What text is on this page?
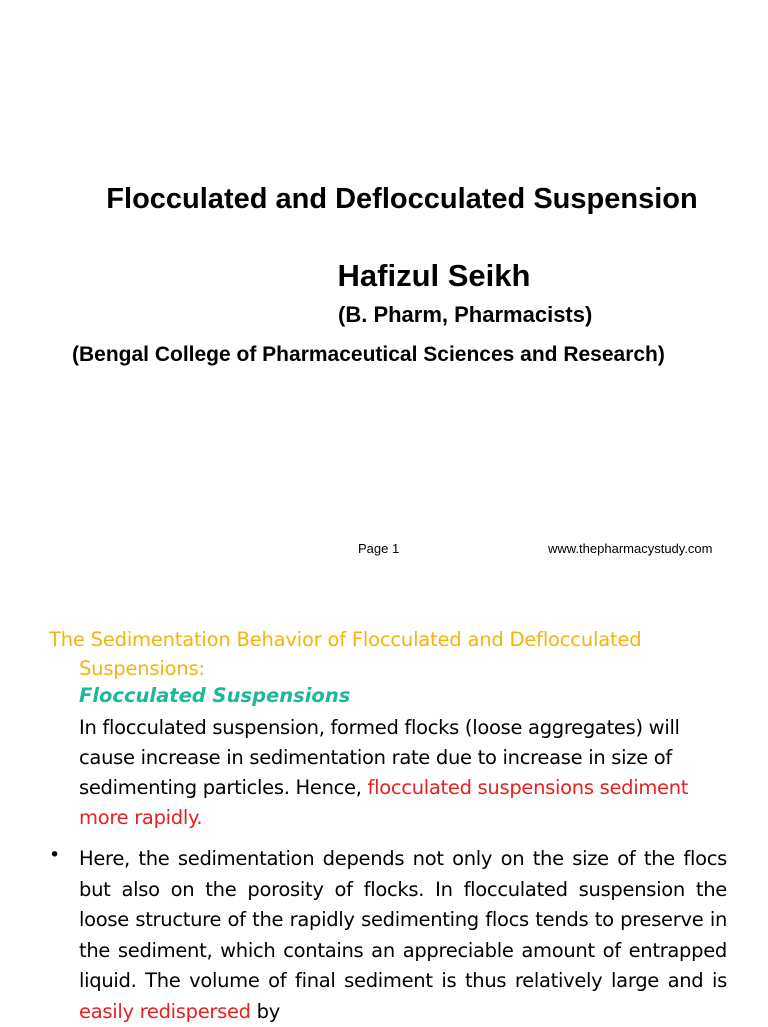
Flocculated and Deflocculated Suspension
Hafizul Seikh
(B. Pharm, Pharmacists)
(Bengal College of Pharmaceutical Sciences and Research)
Page 1	www.thepharmacystudy.com
The Sedimentation Behavior of Flocculated and Deflocculated
Suspensions:
Flocculated Suspensions
In flocculated suspension, formed flocks (loose aggregates) will cause increase in sedimentation rate due to increase in size of sedimenting particles. Hence, flocculated suspensions sediment more rapidly.
• Here, the sedimentation depends not only on the size of the flocs but also on the porosity of flocks. In flocculated suspension the loose structure of the rapidly sedimenting flocs tends to preserve in the sediment, which contains an appreciable amount of entrapped liquid. The volume of final sediment is thus relatively large and is easily redispersed by
